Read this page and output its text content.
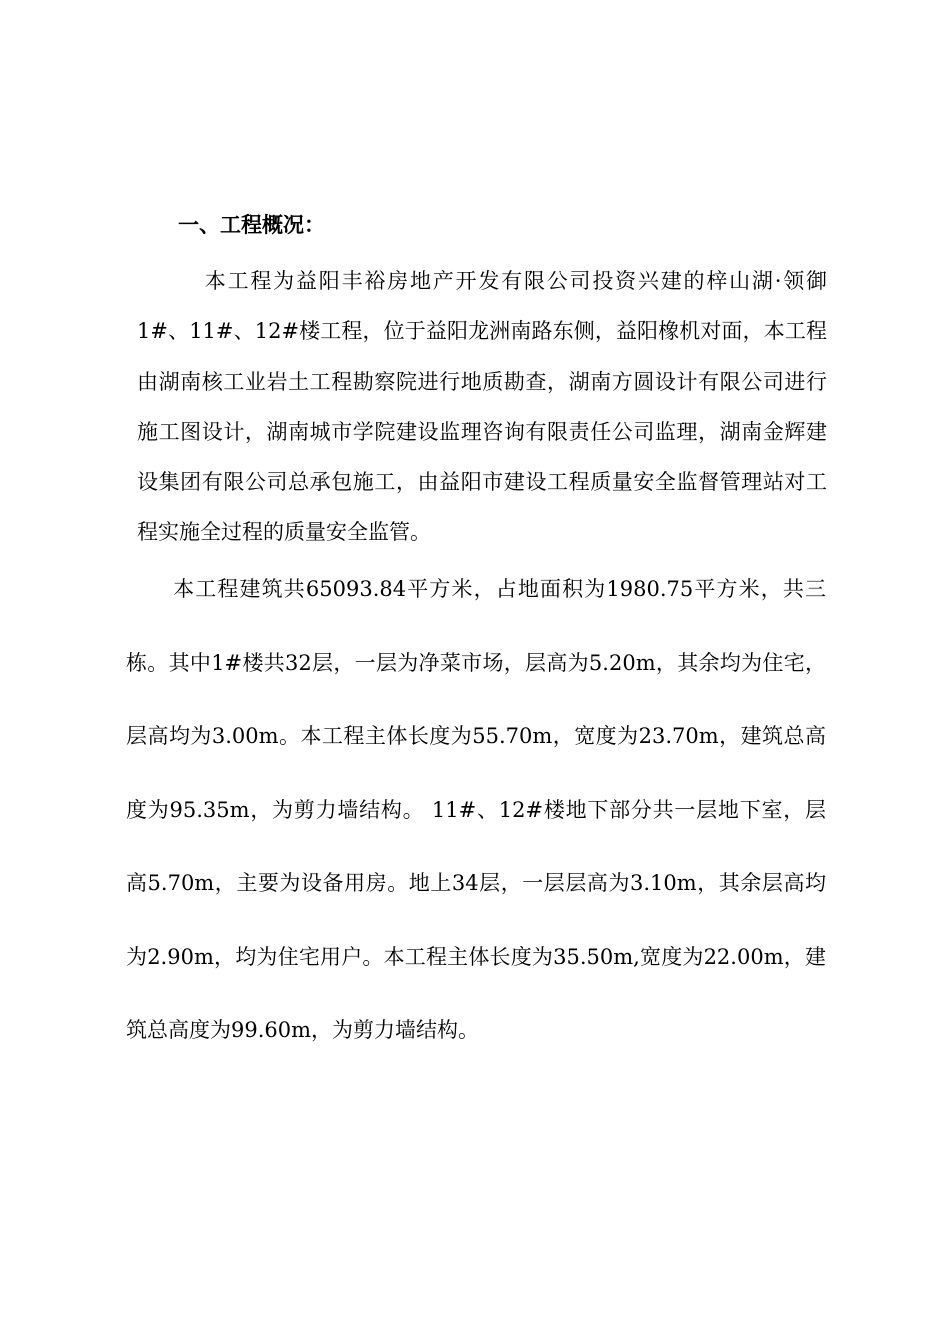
一、工程概况：
本工程为益阳丰裕房地产开发有限公司投资兴建的梓山湖·领御1#、11#、12#楼工程，位于益阳龙洲南路东侧，益阳橡机对面，本工程由湖南核工业岩土工程勘察院进行地质勘查，湖南方圆设计有限公司进行施工图设计，湖南城市学院建设监理咨询有限责任公司监理，湖南金辉建设集团有限公司总承包施工，由益阳市建设工程质量安全监督管理站对工程实施全过程的质量安全监管。
本工程建筑共65093.84平方米，占地面积为1980.75平方米，共三栋。其中1#楼共32层，一层为净菜市场，层高为5.20m，其余均为住宅，层高均为3.00m。本工程主体长度为55.70m，宽度为23.70m，建筑总高度为95.35m，为剪力墙结构。 11#、12#楼地下部分共一层地下室，层高5.70m，主要为设备用房。地上34层，一层层高为3.10m，其余层高均为2.90m，均为住宅用户。本工程主体长度为35.50m,宽度为22.00m，建筑总高度为99.60m，为剪力墙结构。
